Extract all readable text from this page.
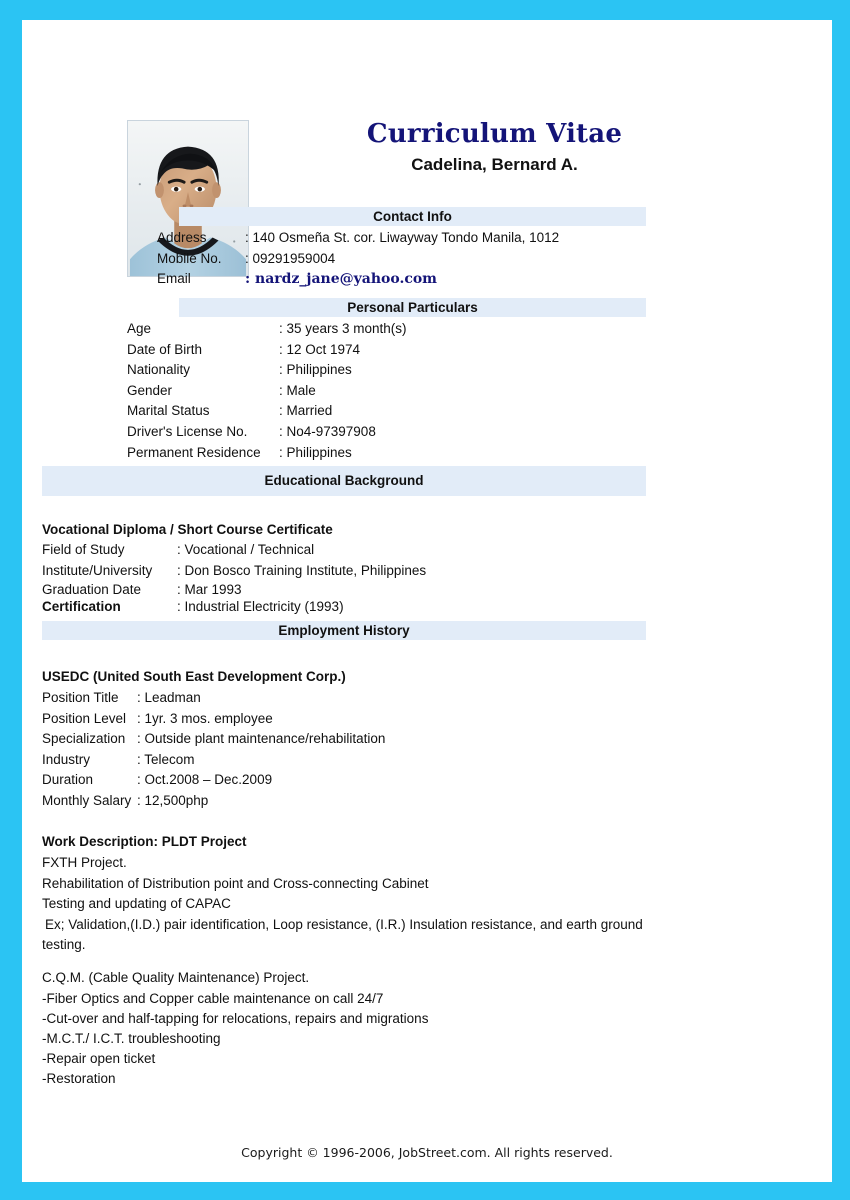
Curriculum Vitae
Cadelina, Bernard A.
Contact Info
Address	: 140 Osmeña St. cor. Liwayway Tondo Manila, 1012
Mobile No.	: 09291959004
Email	: nardz_jane@yahoo.com
Personal Particulars
Age	: 35 years 3 month(s)
Date of Birth	: 12 Oct 1974
Nationality	: Philippines
Gender	: Male
Marital Status	: Married
Driver's License No.	: No4-97397908
Permanent Residence	: Philippines
Educational Background
Vocational Diploma / Short Course Certificate
Field of Study	: Vocational / Technical
Institute/University	: Don Bosco Training Institute, Philippines
Graduation Date	: Mar 1993
Certification	: Industrial Electricity (1993)
Employment History
USEDC (United South East Development Corp.)
Position Title	: Leadman
Position Level : 1yr. 3 mos. employee
Specialization : Outside plant maintenance/rehabilitation
Industry	: Telecom
Duration	: Oct.2008 – Dec.2009
Monthly Salary : 12,500php
Work Description: PLDT Project
FXTH Project.
Rehabilitation of Distribution point and Cross-connecting Cabinet
Testing and updating of CAPAC
Ex; Validation,(I.D.) pair identification, Loop resistance, (I.R.) Insulation resistance, and earth ground testing.
C.Q.M. (Cable Quality Maintenance) Project.
-Fiber Optics and Copper cable maintenance on call 24/7
-Cut-over and half-tapping for relocations, repairs and migrations
-M.C.T./ I.C.T. troubleshooting
-Repair open ticket
-Restoration
Copyright © 1996-2006, JobStreet.com. All rights reserved.
